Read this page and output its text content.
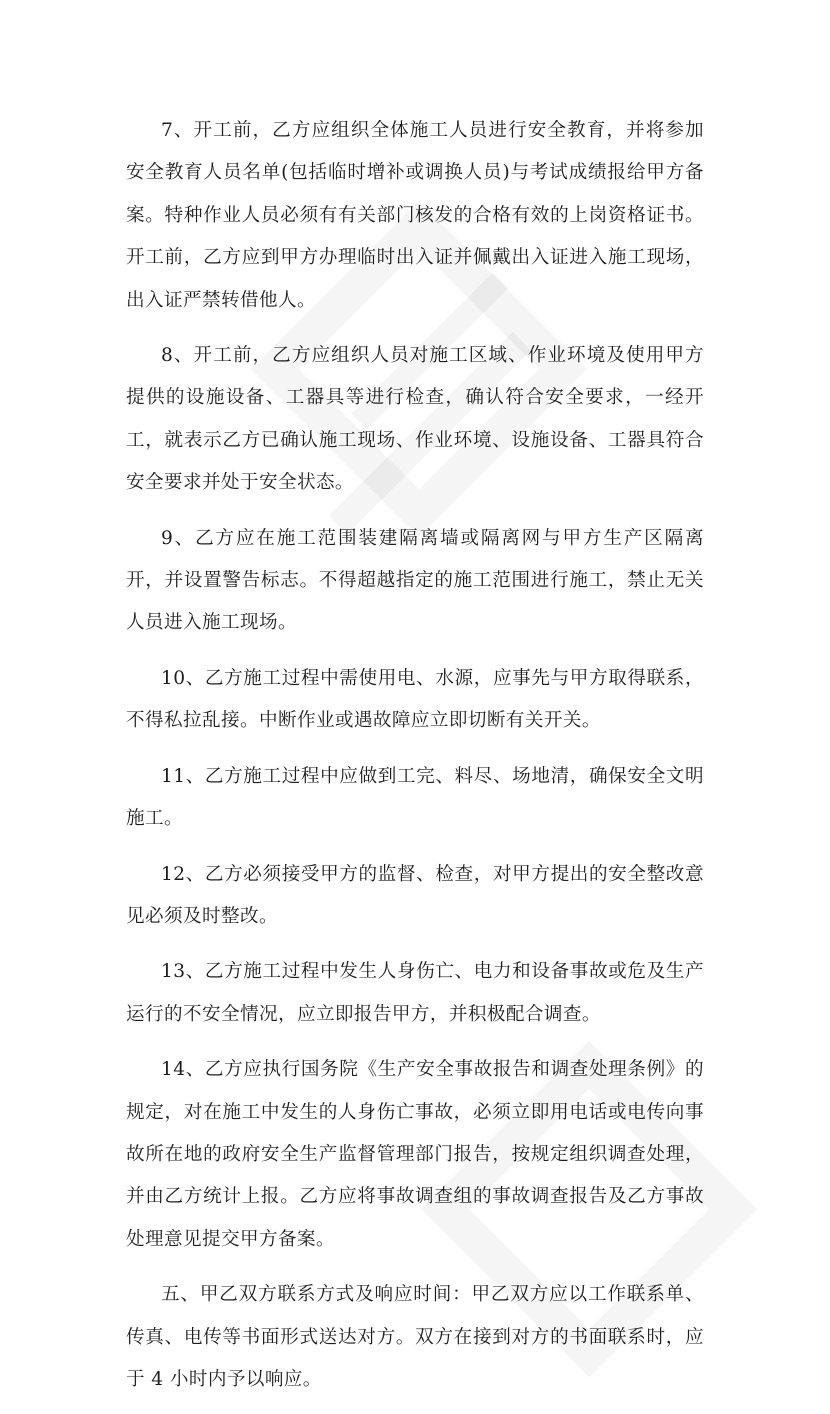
7、开工前，乙方应组织全体施工人员进行安全教育，并将参加安全教育人员名单(包括临时增补或调换人员)与考试成绩报给甲方备案。特种作业人员必须有有关部门核发的合格有效的上岗资格证书。开工前，乙方应到甲方办理临时出入证并佩戴出入证进入施工现场，出入证严禁转借他人。

8、开工前，乙方应组织人员对施工区域、作业环境及使用甲方提供的设施设备、工器具等进行检查，确认符合安全要求，一经开工，就表示乙方已确认施工现场、作业环境、设施设备、工器具符合安全要求并处于安全状态。

9、乙方应在施工范围装建隔离墙或隔离网与甲方生产区隔离开，并设置警告标志。不得超越指定的施工范围进行施工，禁止无关人员进入施工现场。

10、乙方施工过程中需使用电、水源，应事先与甲方取得联系，不得私拉乱接。中断作业或遇故障应立即切断有关开关。

11、乙方施工过程中应做到工完、料尽、场地清，确保安全文明施工。

12、乙方必须接受甲方的监督、检查，对甲方提出的安全整改意见必须及时整改。

13、乙方施工过程中发生人身伤亡、电力和设备事故或危及生产运行的不安全情况，应立即报告甲方，并积极配合调查。

14、乙方应执行国务院《生产安全事故报告和调查处理条例》的规定，对在施工中发生的人身伤亡事故，必须立即用电话或电传向事故所在地的政府安全生产监督管理部门报告，按规定组织调查处理，并由乙方统计上报。乙方应将事故调查组的事故调查报告及乙方事故处理意见提交甲方备案。

五、甲乙双方联系方式及响应时间：甲乙双方应以工作联系单、传真、电传等书面形式送达对方。双方在接到对方的书面联系时，应于 4 小时内予以响应。
